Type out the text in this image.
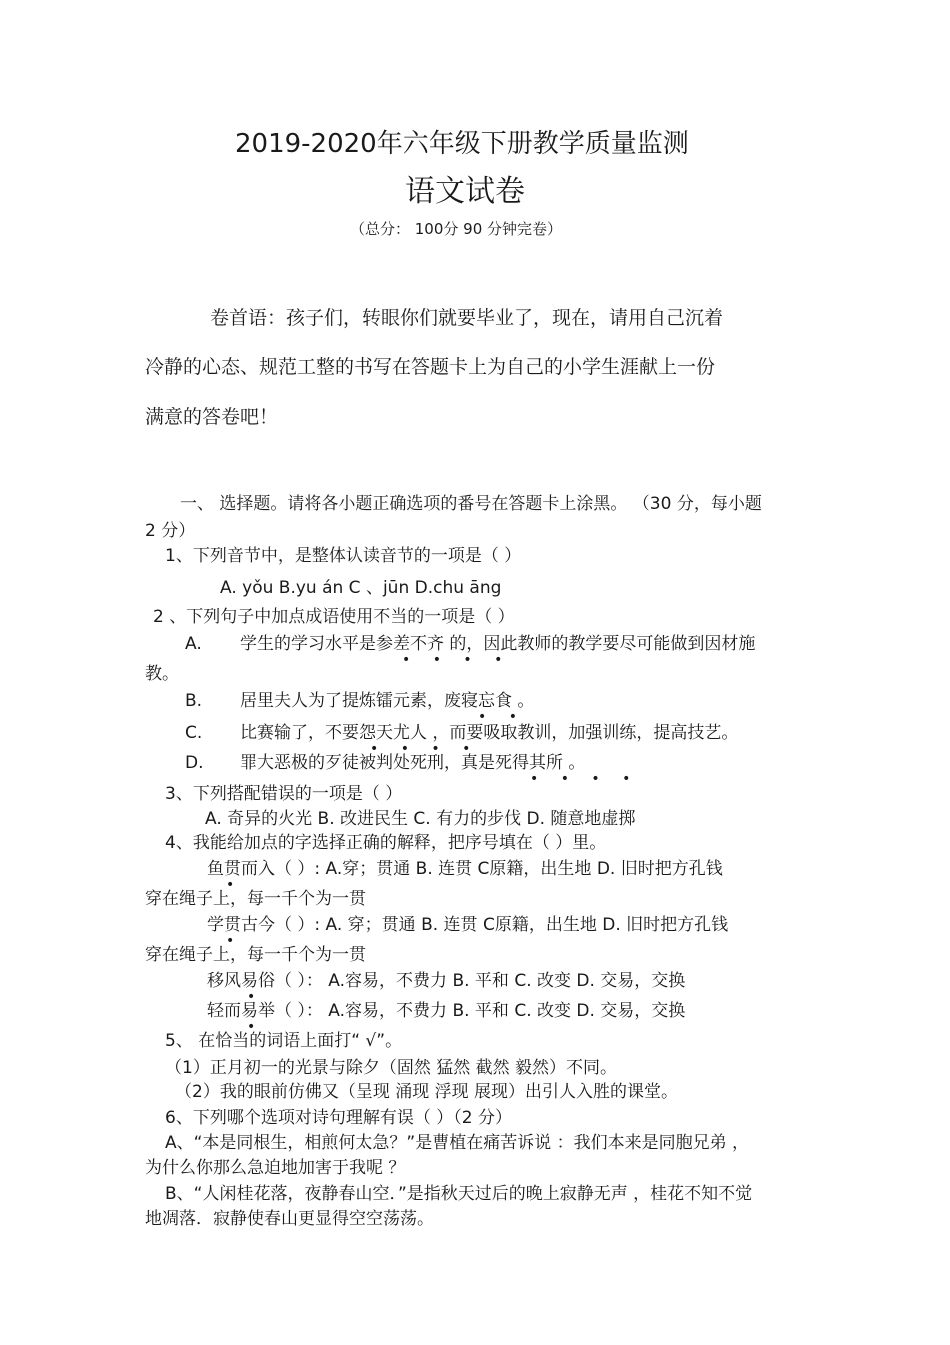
2019-2020年六年级下册教学质量监测
语文试卷
（总分： 100分 90 分钟完卷）
卷首语：孩子们，转眼你们就要毕业了，现在，请用自己沉着
冷静的心态、规范工整的书写在答题卡上为自己的小学生涯献上一份
满意的答卷吧！
一、 选择题。请将各小题正确选项的番号在答题卡上涂黑。 （30 分，每小题
2 分）
1、下列音节中，是整体认读音节的一项是（ ）
A. yǒu B.yu án C 、jūn D.chu āng
2 、下列句子中加点成语使用不当的一项是（ ）
A. 学生的学习水平是参差不齐 的，因此教师的教学要尽可能做到因材施
• • • •
教。
B. 居里夫人为了提炼镭元素，废寝忘食 。
• •
C. 比赛输了，不要怨天尤人 ，而要吸取教训，加强训练，提高技艺。
• • • •
D. 罪大恶极的歹徒被判处死刑，真是死得其所 。
• • • •
3、下列搭配错误的一项是（ ）
A. 奇异的火光 B. 改进民生 C. 有力的步伐 D. 随意地虚掷
4、我能给加点的字选择正确的解释，把序号填在（ ）里。
鱼贯而入（ ）: A.穿；贯通 B. 连贯 C原籍，出生地 D. 旧时把方孔钱
•
穿在绳子上，每一千个为一贯
学贯古今（ ）: A. 穿；贯通 B. 连贯 C原籍，出生地 D. 旧时把方孔钱
•
穿在绳子上，每一千个为一贯
移风易俗（ ）： A.容易，不费力 B. 平和 C. 改变 D. 交易，交换
•
轻而易举（ ）： A.容易，不费力 B. 平和 C. 改变 D. 交易，交换
•
5、 在恰当的词语上面打“ √”。
（1）正月初一的光景与除夕（固然 猛然 截然 毅然）不同。
（2）我的眼前仿佛又（呈现 涌现 浮现 展现）出引人入胜的课堂。
6、下列哪个选项对诗句理解有误（ ）（2 分）
A、“本是同根生，相煎何太急？”是曹植在痛苦诉说 ：我们本来是同胞兄弟 ，
为什么你那么急迫地加害于我呢 ？
B、“人闲桂花落，夜静春山空．”是指秋天过后的晚上寂静无声 ，桂花不知不觉
地凋落．寂静使春山更显得空空荡荡。
